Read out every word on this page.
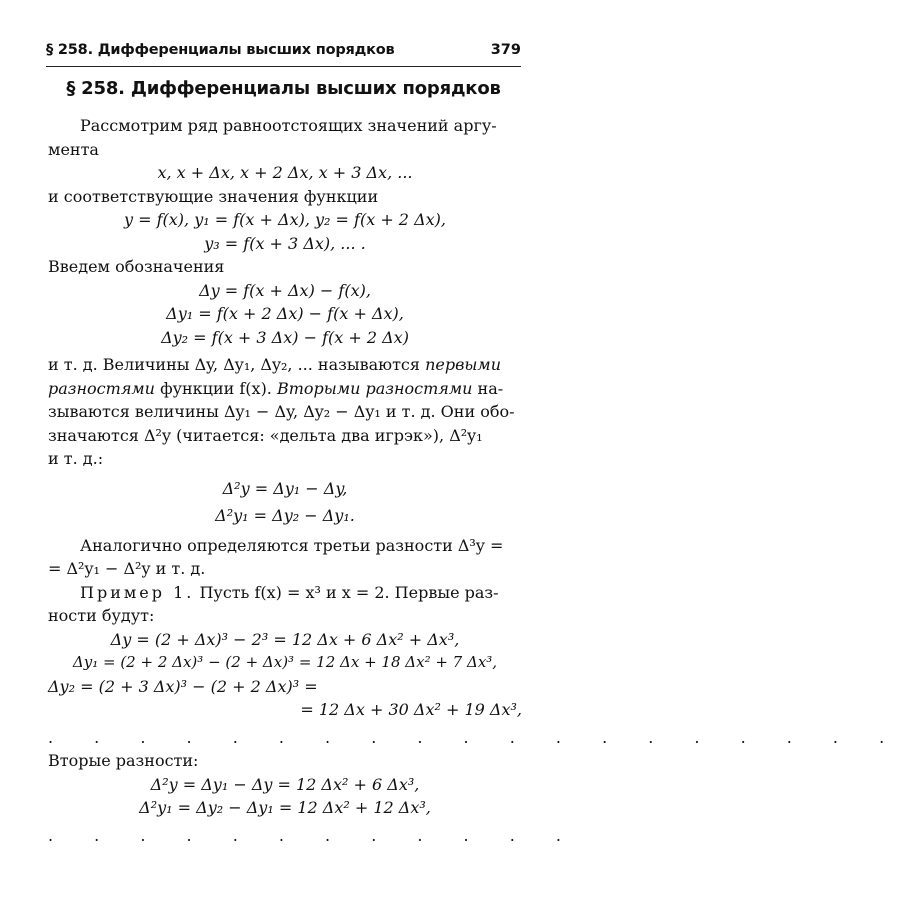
§ 258. Дифференциалы высших порядков	379
§ 258. Дифференциалы высших порядков

Рассмотрим ряд равноотстоящих значений аргу-

мента

x, x + Δx, x + 2 Δx, x + 3 Δx, ...

и соответствующие значения функции

y = f(x), y₁ = f(x + Δx), y₂ = f(x + 2 Δx),

y₃ = f(x + 3 Δx), ... .

Введем обозначения

Δy = f(x + Δx) − f(x),

Δy₁ = f(x + 2 Δx) − f(x + Δx),

Δy₂ = f(x + 3 Δx) − f(x + 2 Δx)

и т. д. Величины Δy, Δy₁, Δy₂, ... называются первыми

разностями функции f(x). Вторыми разностями на-

зываются величины Δy₁ − Δy, Δy₂ − Δy₁ и т. д. Они обо-

значаются Δ²y (читается: «дельта два игрэк»), Δ²y₁

и т. д.:

Δ²y = Δy₁ − Δy,

Δ²y₁ = Δy₂ − Δy₁.

Аналогично определяются третьи разности Δ³y =

= Δ²y₁ − Δ²y и т. д.

Пример 1. Пусть f(x) = x³ и x = 2. Первые раз-

ности будут:

Δy = (2 + Δx)³ − 2³ = 12 Δx + 6 Δx² + Δx³,

Δy₁ = (2 + 2 Δx)³ − (2 + Δx)³ = 12 Δx + 18 Δx² + 7 Δx³,

Δy₂ = (2 + 3 Δx)³ − (2 + 2 Δx)³ =

= 12 Δx + 30 Δx² + 19 Δx³,

. . . . . . . . . . . . . . . . . . .

Вторые разности:

Δ²y = Δy₁ − Δy = 12 Δx² + 6 Δx³,

Δ²y₁ = Δy₂ − Δy₁ = 12 Δx² + 12 Δx³,

. . . . . . . . . . . .
